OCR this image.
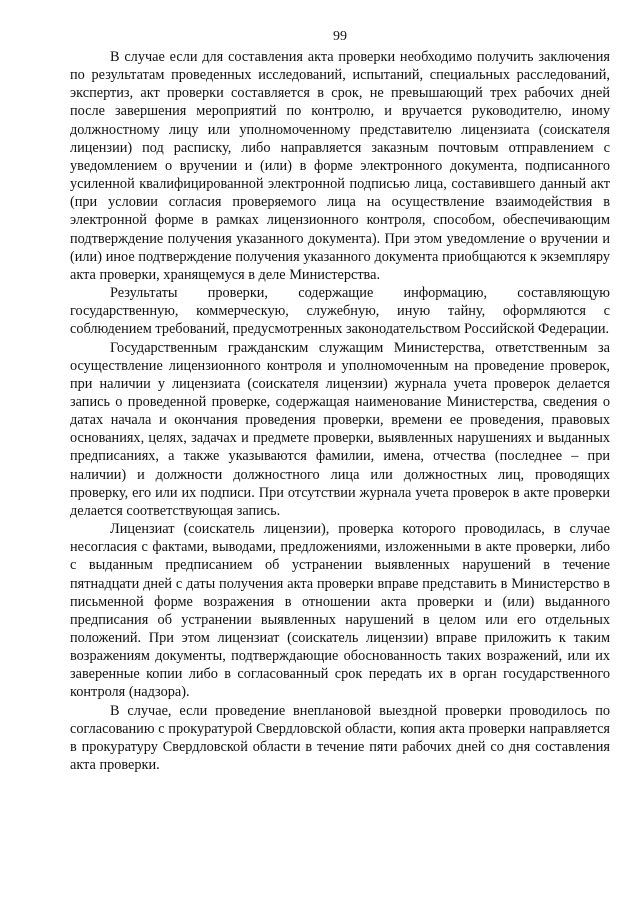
99

В случае если для составления акта проверки необходимо получить заключения по результатам проведенных исследований, испытаний, специальных расследований, экспертиз, акт проверки составляется в срок, не превышающий трех рабочих дней после завершения мероприятий по контролю, и вручается руководителю, иному должностному лицу или уполномоченному представителю лицензиата (соискателя лицензии) под расписку, либо направляется заказным почтовым отправлением с уведомлением о вручении и (или) в форме электронного документа, подписанного усиленной квалифицированной электронной подписью лица, составившего данный акт (при условии согласия проверяемого лица на осуществление взаимодействия в электронной форме в рамках лицензионного контроля, способом, обеспечивающим подтверждение получения указанного документа). При этом уведомление о вручении и (или) иное подтверждение получения указанного документа приобщаются к экземпляру акта проверки, хранящемуся в деле Министерства.

Результаты проверки, содержащие информацию, составляющую государственную, коммерческую, служебную, иную тайну, оформляются с соблюдением требований, предусмотренных законодательством Российской Федерации.

Государственным гражданским служащим Министерства, ответственным за осуществление лицензионного контроля и уполномоченным на проведение проверок, при наличии у лицензиата (соискателя лицензии) журнала учета проверок делается запись о проведенной проверке, содержащая наименование Министерства, сведения о датах начала и окончания проведения проверки, времени ее проведения, правовых основаниях, целях, задачах и предмете проверки, выявленных нарушениях и выданных предписаниях, а также указываются фамилии, имена, отчества (последнее – при наличии) и должности должностного лица или должностных лиц, проводящих проверку, его или их подписи. При отсутствии журнала учета проверок в акте проверки делается соответствующая запись.

Лицензиат (соискатель лицензии), проверка которого проводилась, в случае несогласия с фактами, выводами, предложениями, изложенными в акте проверки, либо с выданным предписанием об устранении выявленных нарушений в течение пятнадцати дней с даты получения акта проверки вправе представить в Министерство в письменной форме возражения в отношении акта проверки и (или) выданного предписания об устранении выявленных нарушений в целом или его отдельных положений. При этом лицензиат (соискатель лицензии) вправе приложить к таким возражениям документы, подтверждающие обоснованность таких возражений, или их заверенные копии либо в согласованный срок передать их в орган государственного контроля (надзора).

В случае, если проведение внеплановой выездной проверки проводилось по согласованию с прокуратурой Свердловской области, копия акта проверки направляется в прокуратуру Свердловской области в течение пяти рабочих дней со дня составления акта проверки.
